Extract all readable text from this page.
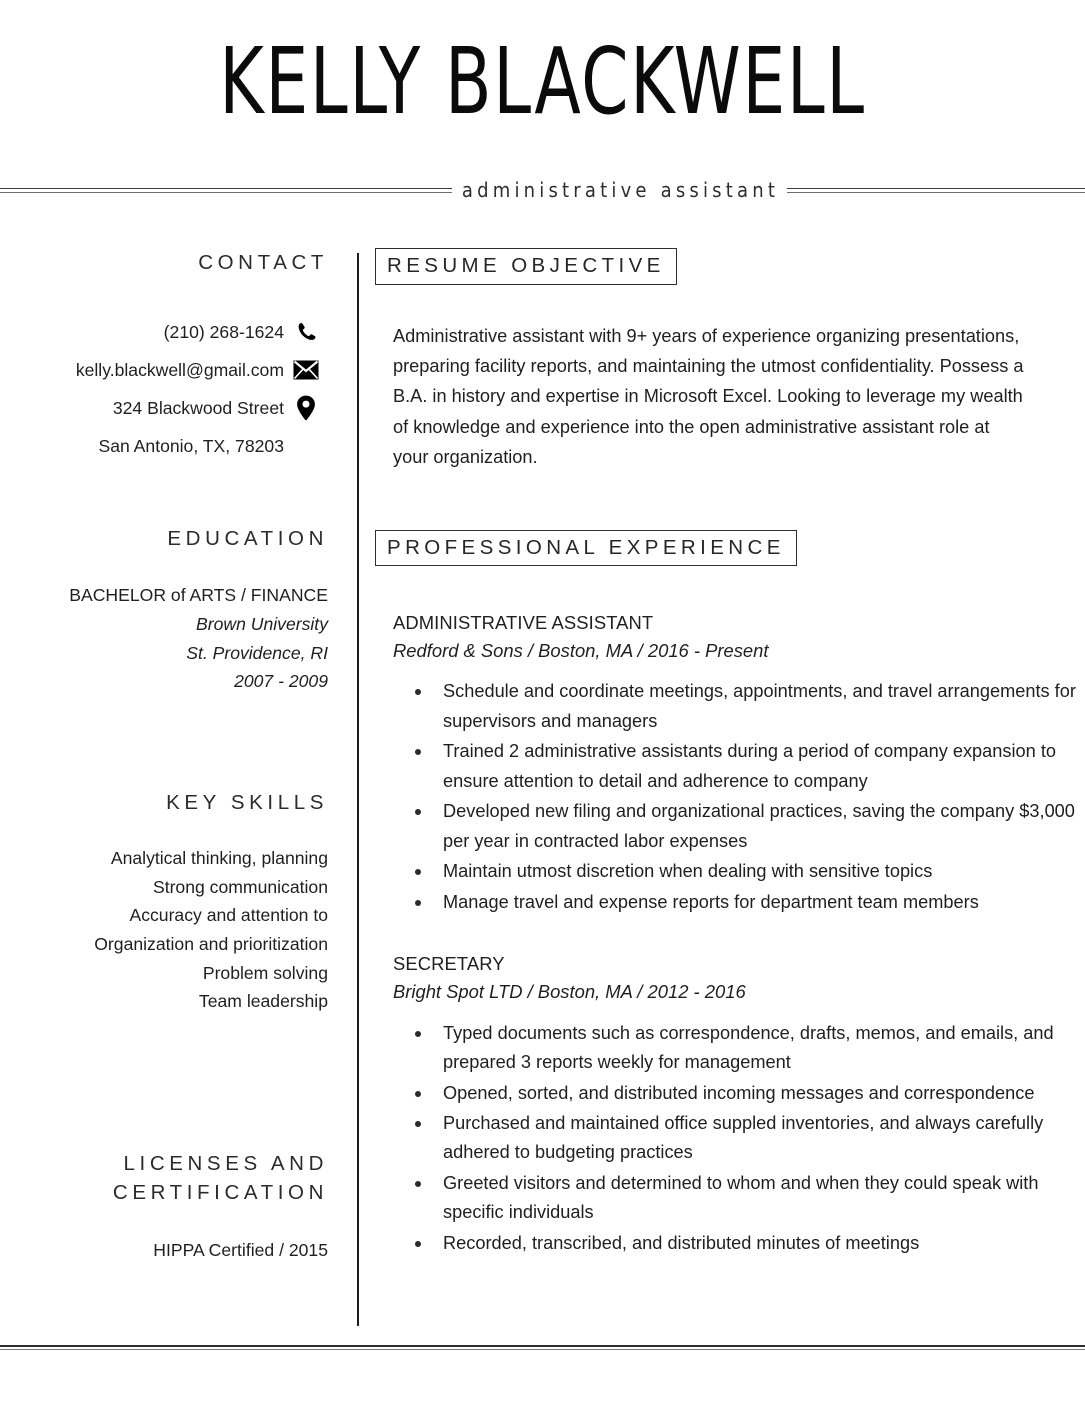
KELLY BLACKWELL
administrative assistant
CONTACT
(210) 268-1624
kelly.blackwell@gmail.com
324 Blackwood Street
San Antonio, TX, 78203
EDUCATION
BACHELOR of ARTS / FINANCE
Brown University
St. Providence, RI
2007 - 2009
KEY SKILLS
Analytical thinking, planning
Strong communication
Accuracy and attention to
Organization and prioritization
Problem solving
Team leadership
LICENSES AND
CERTIFICATION
HIPPA Certified / 2015
RESUME OBJECTIVE
Administrative assistant with 9+ years of experience organizing presentations, preparing facility reports, and maintaining the utmost confidentiality. Possess a B.A. in history and expertise in Microsoft Excel. Looking to leverage my wealth of knowledge and experience into the open administrative assistant role at your organization.
PROFESSIONAL EXPERIENCE
ADMINISTRATIVE ASSISTANT
Redford & Sons / Boston, MA / 2016 - Present
Schedule and coordinate meetings, appointments, and travel arrangements for supervisors and managers
Trained 2 administrative assistants during a period of company expansion to ensure attention to detail and adherence to company
Developed new filing and organizational practices, saving the company $3,000 per year in contracted labor expenses
Maintain utmost discretion when dealing with sensitive topics
Manage travel and expense reports for department team members
SECRETARY
Bright Spot LTD / Boston, MA / 2012 - 2016
Typed documents such as correspondence, drafts, memos, and emails, and prepared 3 reports weekly for management
Opened, sorted, and distributed incoming messages and correspondence
Purchased and maintained office suppled inventories, and always carefully adhered to budgeting practices
Greeted visitors and determined to whom and when they could speak with specific individuals
Recorded, transcribed, and distributed minutes of meetings
